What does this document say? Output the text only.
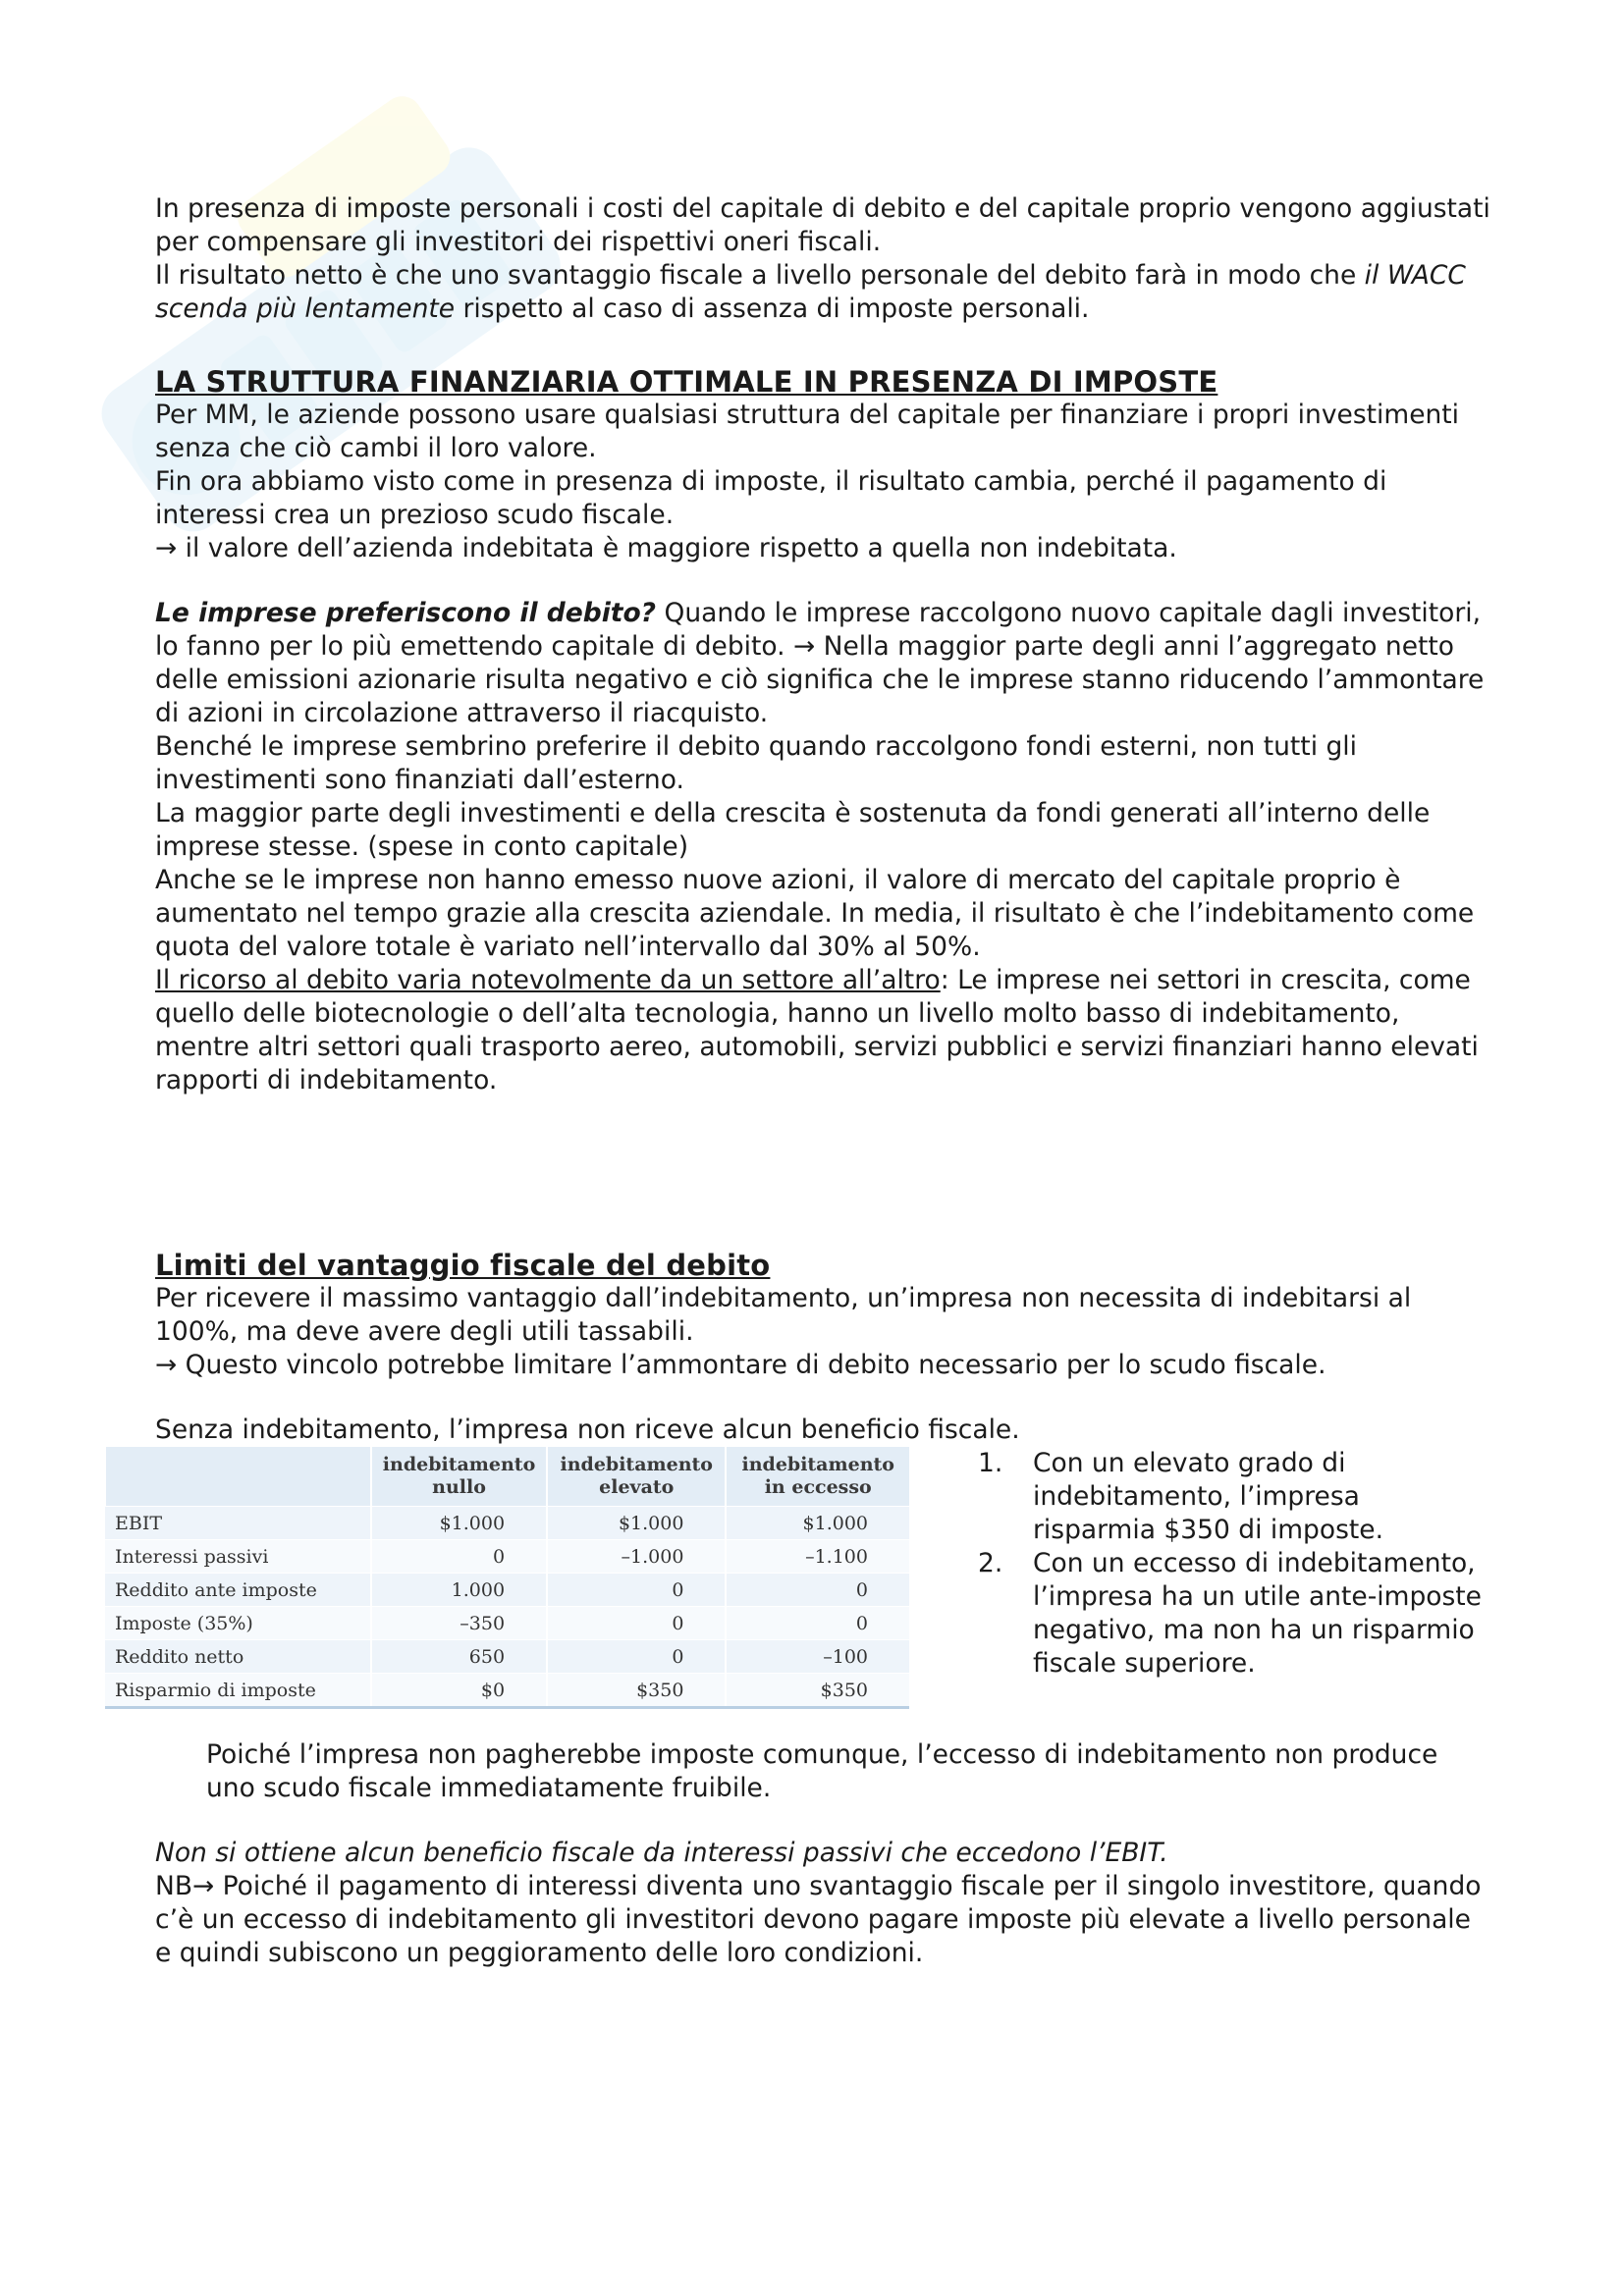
In presenza di imposte personali i costi del capitale di debito e del capitale proprio vengono aggiustati per compensare gli investitori dei rispettivi oneri fiscali.

Il risultato netto è che uno svantaggio fiscale a livello personale del debito farà in modo che il WACC scenda più lentamente rispetto al caso di assenza di imposte personali.

LA STRUTTURA FINANZIARIA OTTIMALE IN PRESENZA DI IMPOSTE

Per MM, le aziende possono usare qualsiasi struttura del capitale per finanziare i propri investimenti senza che ciò cambi il loro valore.

Fin ora abbiamo visto come in presenza di imposte, il risultato cambia, perché il pagamento di interessi crea un prezioso scudo fiscale.

→ il valore dell’azienda indebitata è maggiore rispetto a quella non indebitata.

Le imprese preferiscono il debito? Quando le imprese raccolgono nuovo capitale dagli investitori, lo fanno per lo più emettendo capitale di debito. → Nella maggior parte degli anni l’aggregato netto delle emissioni azionarie risulta negativo e ciò significa che le imprese stanno riducendo l’ammontare di azioni in circolazione attraverso il riacquisto.

Benché le imprese sembrino preferire il debito quando raccolgono fondi esterni, non tutti gli investimenti sono finanziati dall’esterno.

La maggior parte degli investimenti e della crescita è sostenuta da fondi generati all’interno delle imprese stesse. (spese in conto capitale)

Anche se le imprese non hanno emesso nuove azioni, il valore di mercato del capitale proprio è aumentato nel tempo grazie alla crescita aziendale. In media, il risultato è che l’indebitamento come quota del valore totale è variato nell’intervallo dal 30% al 50%.

Il ricorso al debito varia notevolmente da un settore all’altro: Le imprese nei settori in crescita, come quello delle biotecnologie o dell’alta tecnologia, hanno un livello molto basso di indebitamento, mentre altri settori quali trasporto aereo, automobili, servizi pubblici e servizi finanziari hanno elevati rapporti di indebitamento.

Limiti del vantaggio fiscale del debito

Per ricevere il massimo vantaggio dall’indebitamento, un’impresa non necessita di indebitarsi al 100%, ma deve avere degli utili tassabili.

→ Questo vincolo potrebbe limitare l’ammontare di debito necessario per lo scudo fiscale.

Senza indebitamento, l’impresa non riceve alcun beneficio fiscale.

	indebitamento nullo	indebitamento elevato	indebitamento in eccesso
EBIT	$1.000	$1.000	$1.000
Interessi passivi	0	–1.000	–1.100
Reddito ante imposte	1.000	0	0
Imposte (35%)	–350	0	0
Reddito netto	650	0	–100
Risparmio di imposte	$0	$350	$350
1.	Con un elevato grado di indebitamento, l’impresa risparmia $350 di imposte.
2.	Con un eccesso di indebitamento, l’impresa ha un utile ante-imposte negativo, ma non ha un risparmio fiscale superiore.

Poiché l’impresa non pagherebbe imposte comunque, l’eccesso di indebitamento non produce uno scudo fiscale immediatamente fruibile.

Non si ottiene alcun beneficio fiscale da interessi passivi che eccedono l’EBIT.

NB→ Poiché il pagamento di interessi diventa uno svantaggio fiscale per il singolo investitore, quando c’è un eccesso di indebitamento gli investitori devono pagare imposte più elevate a livello personale e quindi subiscono un peggioramento delle loro condizioni.
